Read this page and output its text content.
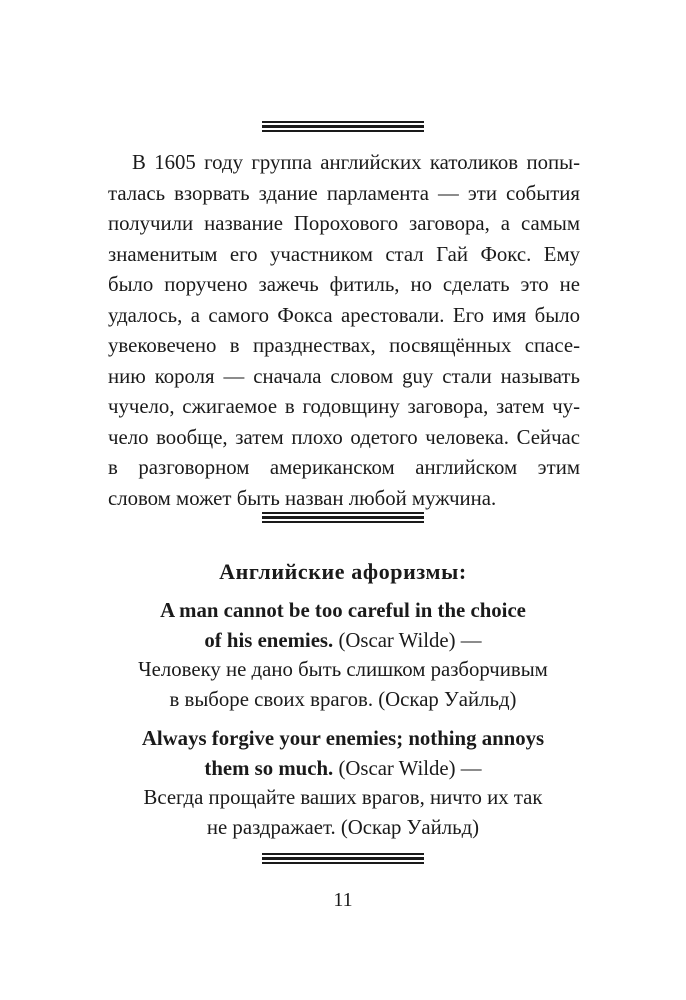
В 1605 году группа английских католиков попы-
талась взорвать здание парламента — эти события
получили название Порохового заговора, а самым
знаменитым его участником стал Гай Фокс. Ему
было поручено зажечь фитиль, но сделать это не
удалось, а самого Фокса арестовали. Его имя было
увековечено в празднествах, посвящённых спасе-
нию короля — сначала словом guy стали называть
чучело, сжигаемое в годовщину заговора, затем чу-
чело вообще, затем плохо одетого человека. Сейчас
в разговорном американском английском этим
словом может быть назван любой мужчина.
Английские афоризмы:
A man cannot be too careful in the choice
of his enemies. (Oscar Wilde) —
Человеку не дано быть слишком разборчивым
в выборе своих врагов. (Оскар Уайльд)
Always forgive your enemies; nothing annoys
them so much. (Oscar Wilde) —
Всегда прощайте ваших врагов, ничто их так
не раздражает. (Оскар Уайльд)
11
